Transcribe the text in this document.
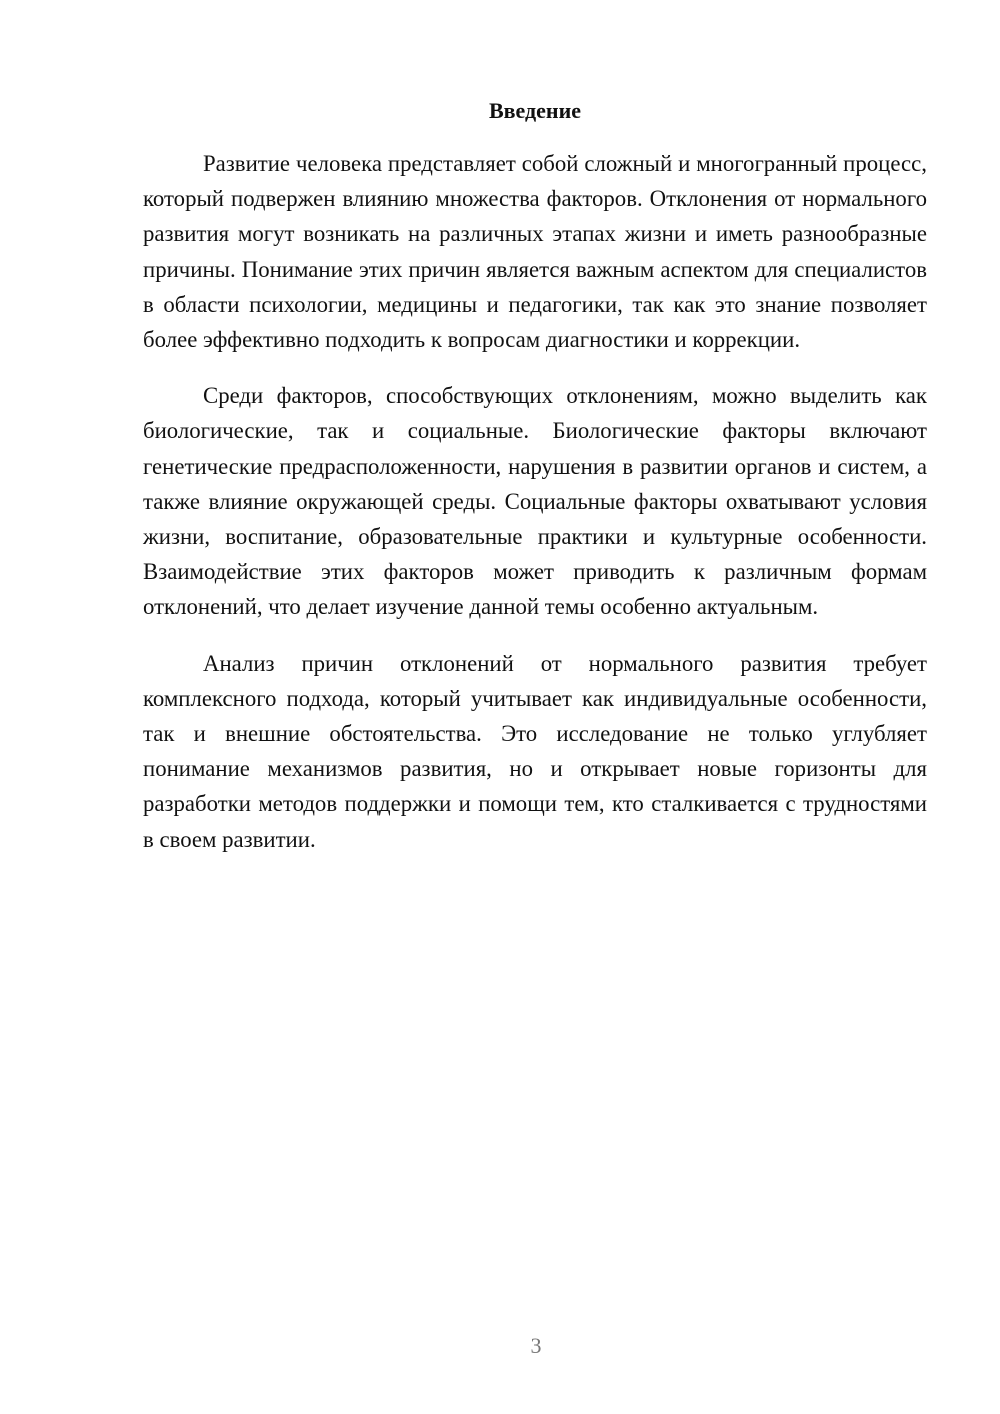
Введение

Развитие человека представляет собой сложный и многогранный процесс, который подвержен влиянию множества факторов. Отклонения от нормального развития могут возникать на различных этапах жизни и иметь разнообразные причины. Понимание этих причин является важным аспектом для специалистов в области психологии, медицины и педагогики, так как это знание позволяет более эффективно подходить к вопросам диагностики и коррекции.

Среди факторов, способствующих отклонениям, можно выделить как биологические, так и социальные. Биологические факторы включают генетические предрасположенности, нарушения в развитии органов и систем, а также влияние окружающей среды. Социальные факторы охватывают условия жизни, воспитание, образовательные практики и культурные особенности. Взаимодействие этих факторов может приводить к различным формам отклонений, что делает изучение данной темы особенно актуальным.

Анализ причин отклонений от нормального развития требует комплексного подхода, который учитывает как индивидуальные особенности, так и внешние обстоятельства. Это исследование не только углубляет понимание механизмов развития, но и открывает новые горизонты для разработки методов поддержки и помощи тем, кто сталкивается с трудностями в своем развитии.

3
